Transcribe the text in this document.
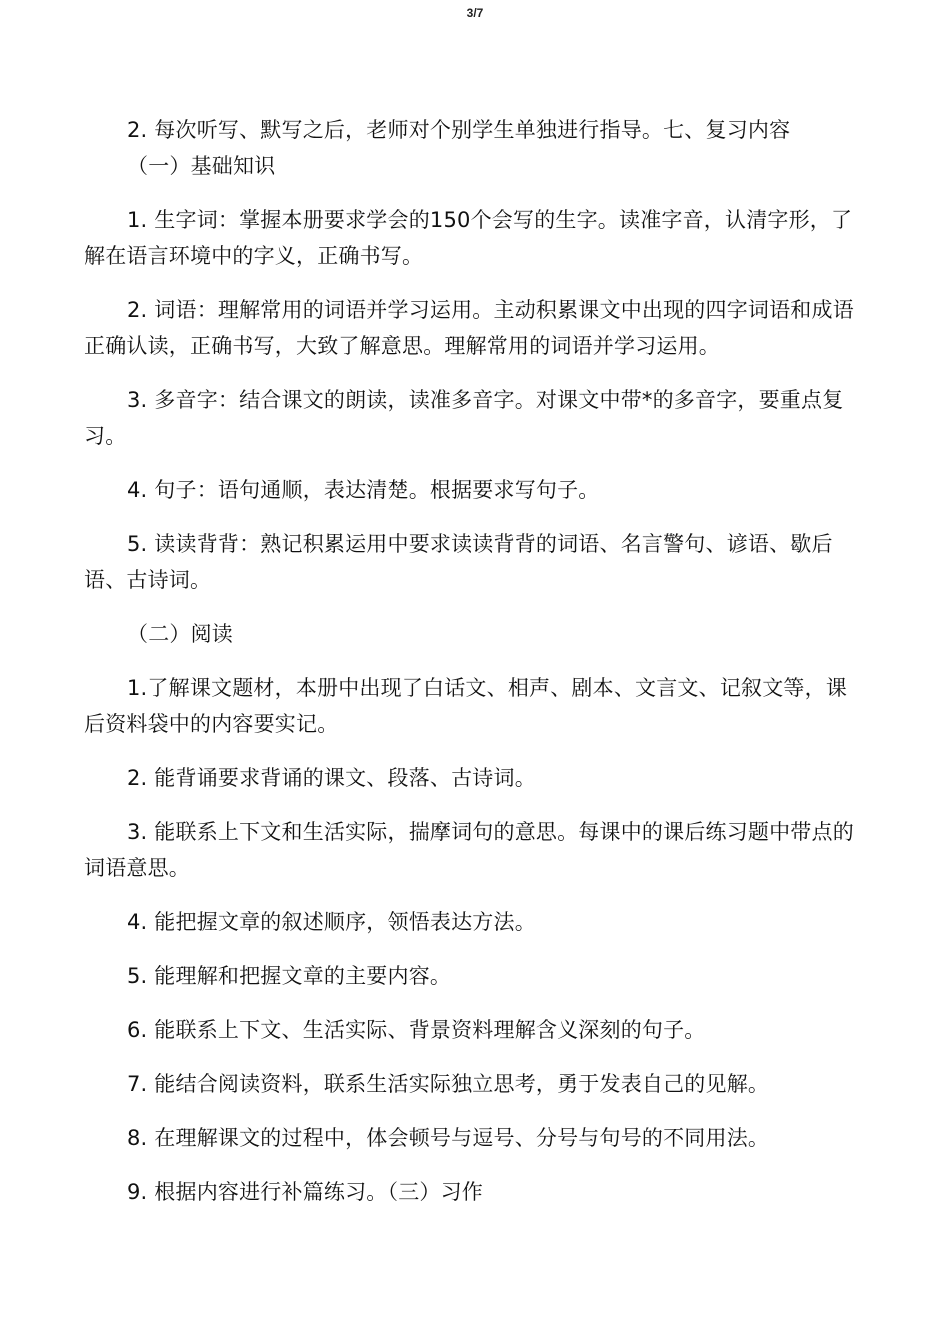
3/7

2. 每次听写、默写之后，老师对个别学生单独进行指导。七、复习内容

（一）基础知识

1. 生字词：掌握本册要求学会的150个会写的生字。读准字音，认清字形，了解在语言环境中的字义，正确书写。

2. 词语：理解常用的词语并学习运用。主动积累课文中出现的四字词语和成语正确认读，正确书写，大致了解意思。理解常用的词语并学习运用。

3. 多音字：结合课文的朗读，读准多音字。对课文中带*的多音字，要重点复习。

4. 句子：语句通顺，表达清楚。根据要求写句子。

5. 读读背背：熟记积累运用中要求读读背背的词语、名言警句、谚语、歇后语、古诗词。

（二）阅读

1.了解课文题材，本册中出现了白话文、相声、剧本、文言文、记叙文等，课后资料袋中的内容要实记。

2. 能背诵要求背诵的课文、段落、古诗词。

3. 能联系上下文和生活实际，揣摩词句的意思。每课中的课后练习题中带点的词语意思。

4. 能把握文章的叙述顺序，领悟表达方法。

5. 能理解和把握文章的主要内容。

6. 能联系上下文、生活实际、背景资料理解含义深刻的句子。

7. 能结合阅读资料，联系生活实际独立思考，勇于发表自己的见解。

8. 在理解课文的过程中，体会顿号与逗号、分号与句号的不同用法。

9. 根据内容进行补篇练习。（三）习作
